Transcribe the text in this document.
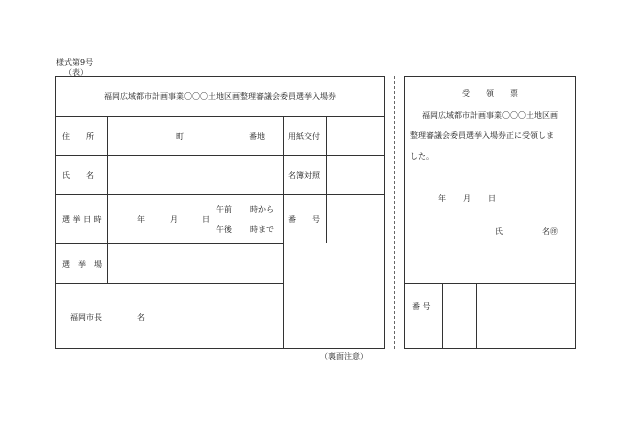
様式第9号
（表）
福岡広域都市計画事業〇〇〇土地区画整理審議会委員選挙入場券
住　　所	町	番地	用紙交付
氏　　名	名簿対照
選 挙 日 時	年	月	日
午前 時から
午後 時まで
番　　号
選　挙　場
福岡市長	名
（裏面注意）
受　　領　　票
福岡広域都市計画事業〇〇〇土地区画
整理審議会委員選挙入場券正に受領しま
した。
年 月 日
氏	名㊞
番 号
